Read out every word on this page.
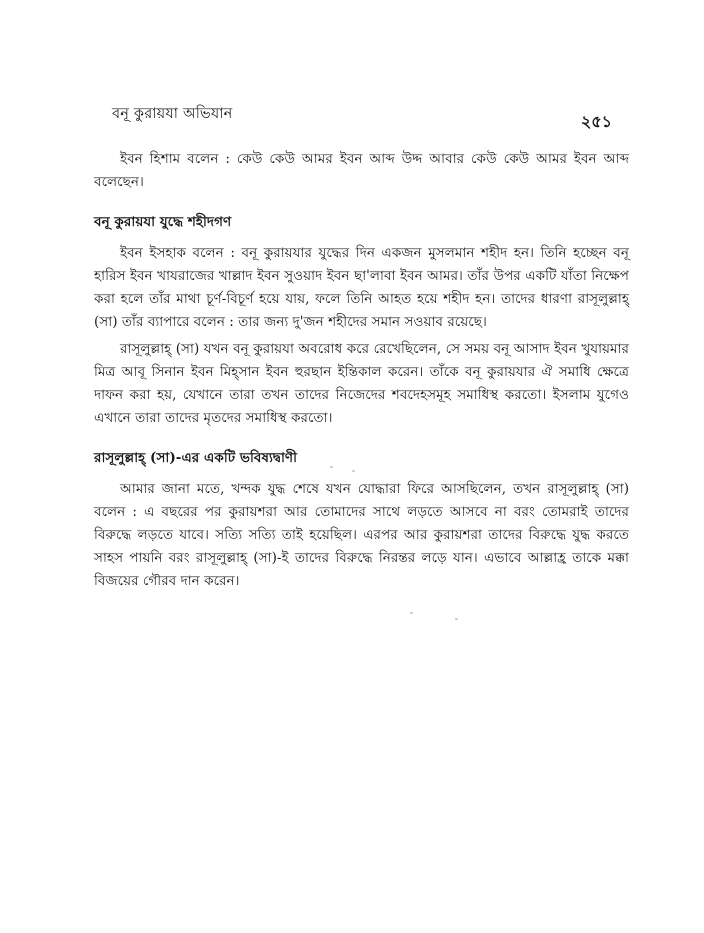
বনূ কুরায়যা অভিযান	২৫১

ইবন হিশাম বলেন : কেউ কেউ আমর ইবন আব্দ উদ্দ আবার কেউ কেউ আমর ইবন আব্দ বলেছেন।

বনূ কুরায়যা যুদ্ধে শহীদগণ

ইবন ইসহাক বলেন : বনূ কুরায়যার যুদ্ধের দিন একজন মুসলমান শহীদ হন। তিনি হচ্ছেন বনূ হারিস ইবন খাযরাজের খাল্লাদ ইবন সুওয়াদ ইবন ছা'লাবা ইবন আমর। তাঁর উপর একটি যাঁতা নিক্ষেপ করা হলে তাঁর মাথা চূর্ণ-বিচূর্ণ হয়ে যায়, ফলে তিনি আহত হয়ে শহীদ হন। তাদের ধারণা রাসূলুল্লাহ্ (সা) তাঁর ব্যাপারে বলেন : তার জন্য দু'জন শহীদের সমান সওয়াব রয়েছে।

রাসূলুল্লাহ্ (সা) যখন বনূ কুরায়যা অবরোধ করে রেখেছিলেন, সে সময় বনূ আসাদ ইবন খুযায়মার মিত্র আবূ সিনান ইবন মিহ্সান ইবন হুরছান ইন্তিকাল করেন। তাঁকে বনূ কুরায়যার ঐ সমাধি ক্ষেত্রে দাফন করা হয়, যেখানে তারা তখন তাদের নিজেদের শবদেহসমূহ সমাধিস্থ করতো। ইসলাম যুগেও এখানে তারা তাদের মৃতদের সমাধিস্থ করতো।

রাসূলুল্লাহ্ (সা)-এর একটি ভবিষ্যদ্বাণী

আমার জানা মতে, খন্দক যুদ্ধ শেষে যখন যোদ্ধারা ফিরে আসছিলেন, তখন রাসূলুল্লাহ্ (সা) বলেন : এ বছরের পর কুরায়শরা আর তোমাদের সাথে লড়তে আসবে না বরং তোমরাই তাদের বিরুদ্ধে লড়তে যাবে। সত্যি সত্যি তাই হয়েছিল। এরপর আর কুরায়শরা তাদের বিরুদ্ধে যুদ্ধ করতে সাহস পায়নি বরং রাসূলুল্লাহ্ (সা)-ই তাদের বিরুদ্ধে নিরন্তর লড়ে যান। এভাবে আল্লাহ্র তাকে মক্কা বিজয়ের গৌরব দান করেন।
